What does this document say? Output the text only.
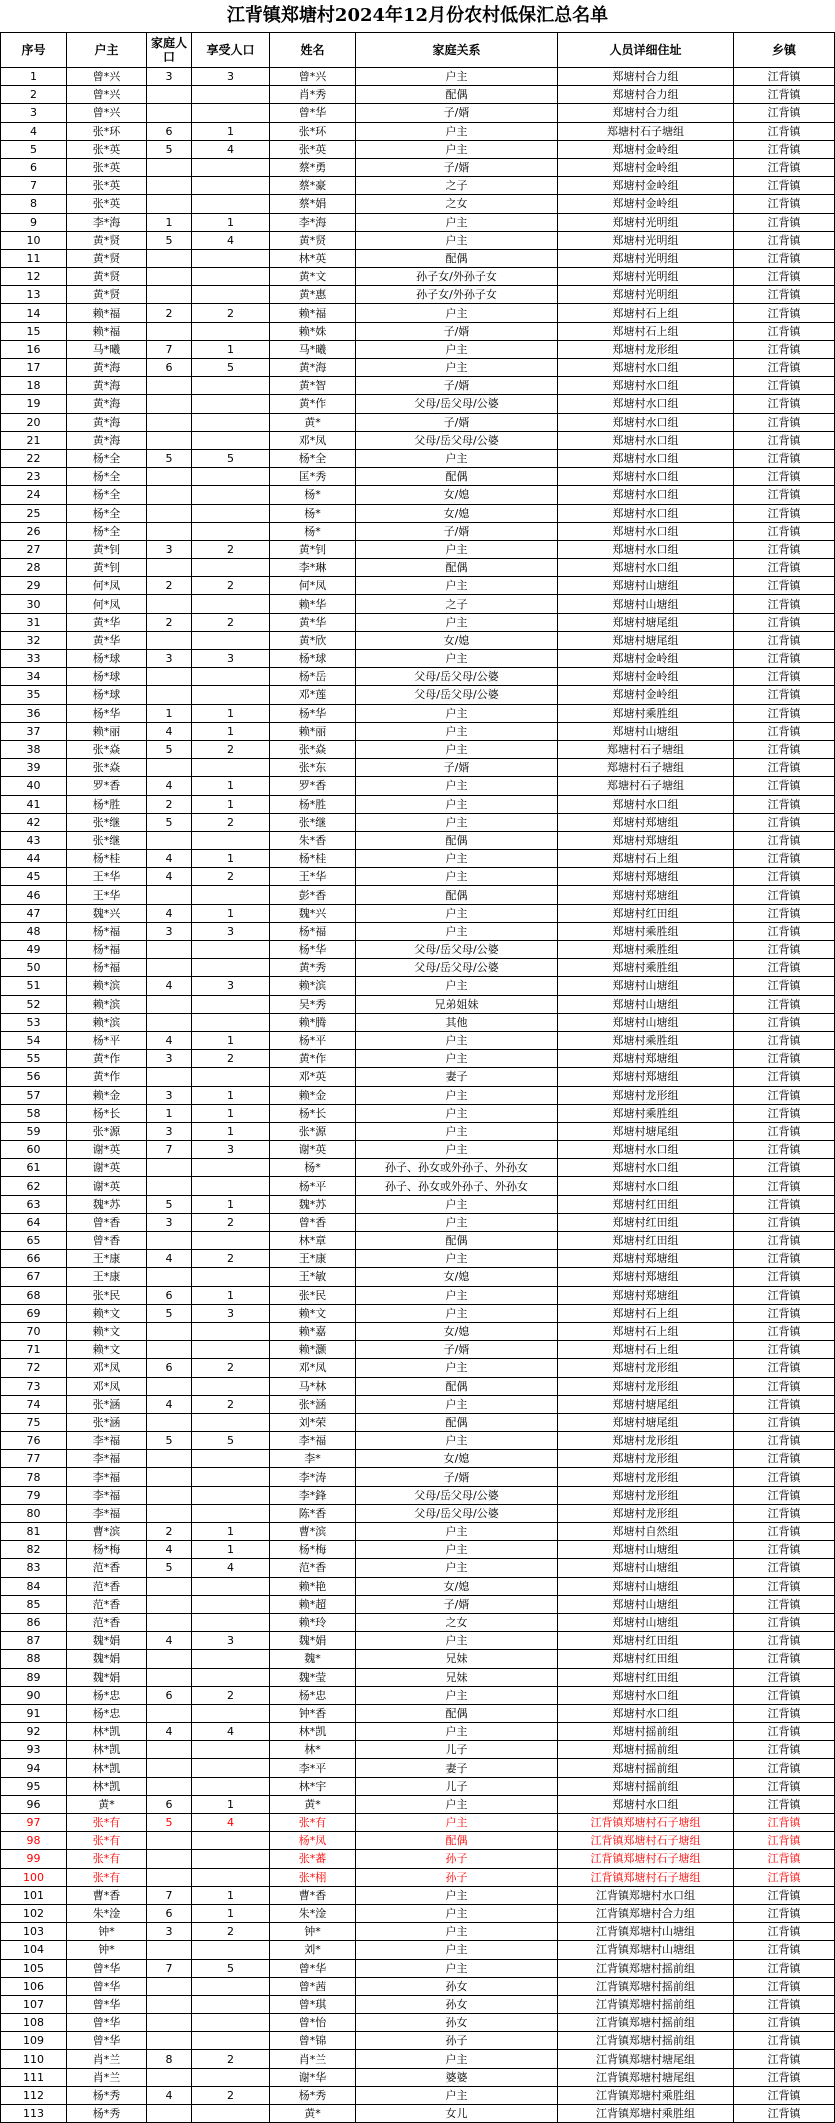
江背镇郑塘村2024年12月份农村低保汇总名单
序号	户主	家庭人口	享受人口	姓名	家庭关系	人员详细住址	乡镇
1	曾*兴	3	3	曾*兴	户主	郑塘村合力组	江背镇
2	曾*兴			肖*秀	配偶	郑塘村合力组	江背镇
3	曾*兴			曾*华	子/婿	郑塘村合力组	江背镇
4	张*环	6	1	张*环	户主	郑塘村石子塘组	江背镇
5	张*英	5	4	张*英	户主	郑塘村金岭组	江背镇
6	张*英			蔡*勇	子/婿	郑塘村金岭组	江背镇
7	张*英			蔡*豪	之子	郑塘村金岭组	江背镇
8	张*英			蔡*娟	之女	郑塘村金岭组	江背镇
9	李*海	1	1	李*海	户主	郑塘村光明组	江背镇
10	黄*贤	5	4	黄*贤	户主	郑塘村光明组	江背镇
11	黄*贤			林*英	配偶	郑塘村光明组	江背镇
12	黄*贤			黄*文	孙子女/外孙子女	郑塘村光明组	江背镇
13	黄*贤			黄*惠	孙子女/外孙子女	郑塘村光明组	江背镇
14	赖*福	2	2	赖*福	户主	郑塘村石上组	江背镇
15	赖*福			赖*姝	子/婿	郑塘村石上组	江背镇
16	马*曦	7	1	马*曦	户主	郑塘村龙形组	江背镇
17	黄*海	6	5	黄*海	户主	郑塘村水口组	江背镇
18	黄*海			黄*智	子/婿	郑塘村水口组	江背镇
19	黄*海			黄*作	父母/岳父母/公婆	郑塘村水口组	江背镇
20	黄*海			黄*	子/婿	郑塘村水口组	江背镇
21	黄*海			邓*凤	父母/岳父母/公婆	郑塘村水口组	江背镇
22	杨*全	5	5	杨*全	户主	郑塘村水口组	江背镇
23	杨*全			匡*秀	配偶	郑塘村水口组	江背镇
24	杨*全			杨*	女/媳	郑塘村水口组	江背镇
25	杨*全			杨*	女/媳	郑塘村水口组	江背镇
26	杨*全			杨*	子/婿	郑塘村水口组	江背镇
27	黄*钊	3	2	黄*钊	户主	郑塘村水口组	江背镇
28	黄*钊			李*琳	配偶	郑塘村水口组	江背镇
29	何*凤	2	2	何*凤	户主	郑塘村山塘组	江背镇
30	何*凤			赖*华	之子	郑塘村山塘组	江背镇
31	黄*华	2	2	黄*华	户主	郑塘村塘尾组	江背镇
32	黄*华			黄*欣	女/媳	郑塘村塘尾组	江背镇
33	杨*球	3	3	杨*球	户主	郑塘村金岭组	江背镇
34	杨*球			杨*岳	父母/岳父母/公婆	郑塘村金岭组	江背镇
35	杨*球			邓*莲	父母/岳父母/公婆	郑塘村金岭组	江背镇
36	杨*华	1	1	杨*华	户主	郑塘村乘胜组	江背镇
37	赖*丽	4	1	赖*丽	户主	郑塘村山塘组	江背镇
38	张*焱	5	2	张*焱	户主	郑塘村石子塘组	江背镇
39	张*焱			张*东	子/婿	郑塘村石子塘组	江背镇
40	罗*香	4	1	罗*香	户主	郑塘村石子塘组	江背镇
41	杨*胜	2	1	杨*胜	户主	郑塘村水口组	江背镇
42	张*继	5	2	张*继	户主	郑塘村郑塘组	江背镇
43	张*继			朱*香	配偶	郑塘村郑塘组	江背镇
44	杨*桂	4	1	杨*桂	户主	郑塘村石上组	江背镇
45	王*华	4	2	王*华	户主	郑塘村郑塘组	江背镇
46	王*华			彭*香	配偶	郑塘村郑塘组	江背镇
47	魏*兴	4	1	魏*兴	户主	郑塘村红田组	江背镇
48	杨*福	3	3	杨*福	户主	郑塘村乘胜组	江背镇
49	杨*福			杨*华	父母/岳父母/公婆	郑塘村乘胜组	江背镇
50	杨*福			黄*秀	父母/岳父母/公婆	郑塘村乘胜组	江背镇
51	赖*滨	4	3	赖*滨	户主	郑塘村山塘组	江背镇
52	赖*滨			吴*秀	兄弟姐妹	郑塘村山塘组	江背镇
53	赖*滨			赖*腾	其他	郑塘村山塘组	江背镇
54	杨*平	4	1	杨*平	户主	郑塘村乘胜组	江背镇
55	黄*作	3	2	黄*作	户主	郑塘村郑塘组	江背镇
56	黄*作			邓*英	妻子	郑塘村郑塘组	江背镇
57	赖*金	3	1	赖*金	户主	郑塘村龙形组	江背镇
58	杨*长	1	1	杨*长	户主	郑塘村乘胜组	江背镇
59	张*源	3	1	张*源	户主	郑塘村塘尾组	江背镇
60	谢*英	7	3	谢*英	户主	郑塘村水口组	江背镇
61	谢*英			杨*	孙子、孙女或外孙子、外孙女	郑塘村水口组	江背镇
62	谢*英			杨*平	孙子、孙女或外孙子、外孙女	郑塘村水口组	江背镇
63	魏*苏	5	1	魏*苏	户主	郑塘村红田组	江背镇
64	曾*香	3	2	曾*香	户主	郑塘村红田组	江背镇
65	曾*香			林*章	配偶	郑塘村红田组	江背镇
66	王*康	4	2	王*康	户主	郑塘村郑塘组	江背镇
67	王*康			王*敏	女/媳	郑塘村郑塘组	江背镇
68	张*民	6	1	张*民	户主	郑塘村郑塘组	江背镇
69	赖*文	5	3	赖*文	户主	郑塘村石上组	江背镇
70	赖*文			赖*嘉	女/媳	郑塘村石上组	江背镇
71	赖*文			赖*灏	子/婿	郑塘村石上组	江背镇
72	邓*凤	6	2	邓*凤	户主	郑塘村龙形组	江背镇
73	邓*凤			马*林	配偶	郑塘村龙形组	江背镇
74	张*涵	4	2	张*涵	户主	郑塘村塘尾组	江背镇
75	张*涵			刘*荣	配偶	郑塘村塘尾组	江背镇
76	李*福	5	5	李*福	户主	郑塘村龙形组	江背镇
77	李*福			李*	女/媳	郑塘村龙形组	江背镇
78	李*福			李*涛	子/婿	郑塘村龙形组	江背镇
79	李*福			李*鋒	父母/岳父母/公婆	郑塘村龙形组	江背镇
80	李*福			陈*香	父母/岳父母/公婆	郑塘村龙形组	江背镇
81	曹*滨	2	1	曹*滨	户主	郑塘村自然组	江背镇
82	杨*梅	4	1	杨*梅	户主	郑塘村山塘组	江背镇
83	范*香	5	4	范*香	户主	郑塘村山塘组	江背镇
84	范*香			赖*艳	女/媳	郑塘村山塘组	江背镇
85	范*香			赖*超	子/婿	郑塘村山塘组	江背镇
86	范*香			赖*玲	之女	郑塘村山塘组	江背镇
87	魏*娟	4	3	魏*娟	户主	郑塘村红田组	江背镇
88	魏*娟			魏*	兄妹	郑塘村红田组	江背镇
89	魏*娟			魏*莹	兄妹	郑塘村红田组	江背镇
90	杨*忠	6	2	杨*忠	户主	郑塘村水口组	江背镇
91	杨*忠			钟*香	配偶	郑塘村水口组	江背镇
92	林*凯	4	4	林*凯	户主	郑塘村摇前组	江背镇
93	林*凯			林*	儿子	郑塘村摇前组	江背镇
94	林*凯			李*平	妻子	郑塘村摇前组	江背镇
95	林*凯			林*宇	儿子	郑塘村摇前组	江背镇
96	黄*	6	1	黄*	户主	郑塘村水口组	江背镇
97	张*有	5	4	张*有	户主	江背镇郑塘村石子塘组	江背镇
98	张*有			杨*凤	配偶	江背镇郑塘村石子塘组	江背镇
99	张*有			张*蕃	孙子	江背镇郑塘村石子塘组	江背镇
100	张*有			张*栩	孙子	江背镇郑塘村石子塘组	江背镇
101	曹*香	7	1	曹*香	户主	江背镇郑塘村水口组	江背镇
102	朱*淦	6	1	朱*淦	户主	江背镇郑塘村合力组	江背镇
103	钟*	3	2	钟*	户主	江背镇郑塘村山塘组	江背镇
104	钟*			刘*	户主	江背镇郑塘村山塘组	江背镇
105	曾*华	7	5	曾*华	户主	江背镇郑塘村摇前组	江背镇
106	曾*华			曾*茜	孙女	江背镇郑塘村摇前组	江背镇
107	曾*华			曾*琪	孙女	江背镇郑塘村摇前组	江背镇
108	曾*华			曾*怡	孙女	江背镇郑塘村摇前组	江背镇
109	曾*华			曾*锦	孙子	江背镇郑塘村摇前组	江背镇
110	肖*兰	8	2	肖*兰	户主	江背镇郑塘村塘尾组	江背镇
111	肖*兰			谢*华	婆婆	江背镇郑塘村塘尾组	江背镇
112	杨*秀	4	2	杨*秀	户主	江背镇郑塘村乘胜组	江背镇
113	杨*秀			黄*	女儿	江背镇郑塘村乘胜组	江背镇
